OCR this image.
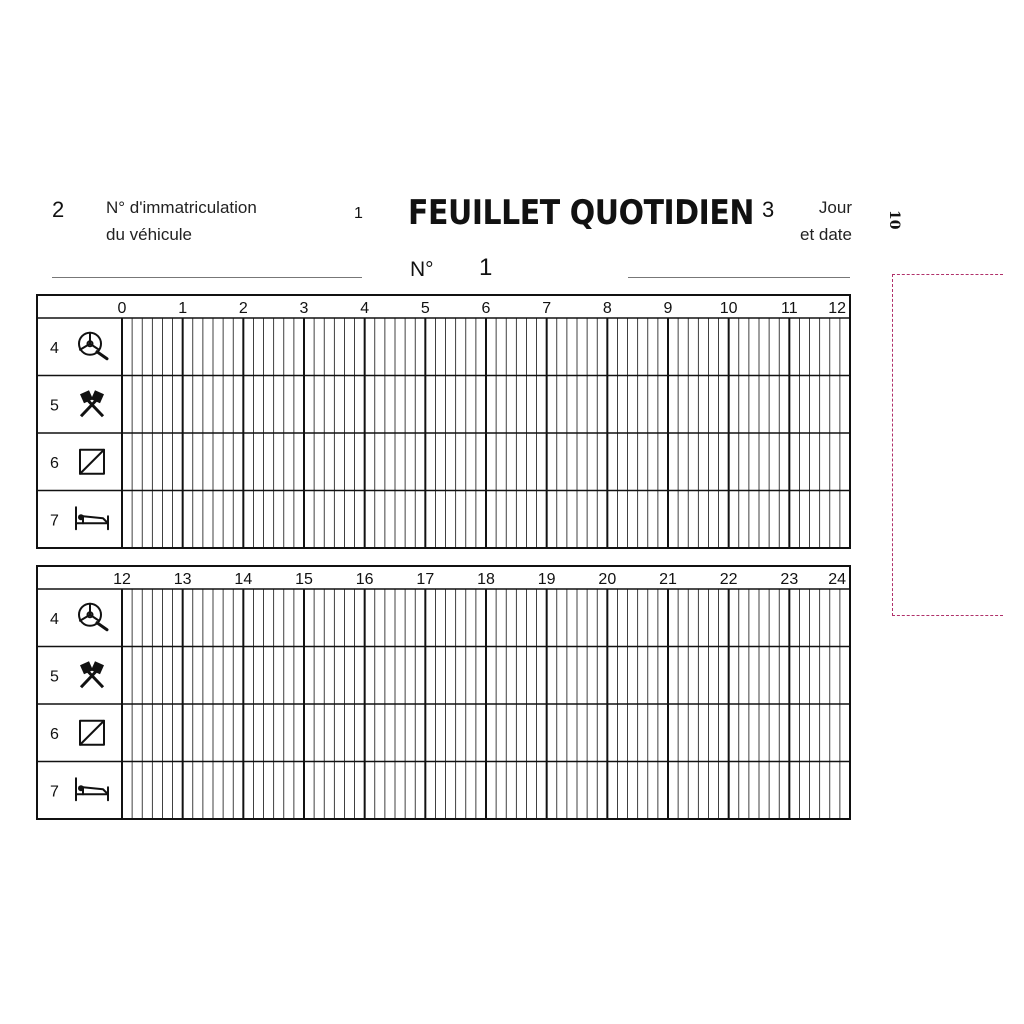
2 N° d'immatriculation
du véhicule
1 FEUILLET QUOTIDIEN
N° 1
3	Jour
et date
10
0	1	2	3	4	5	6	7	8	9	10	11 12
4
5
6
7
12	13	14	15	16	17	18	19	20	21	22	23 24
4
5
6
7
